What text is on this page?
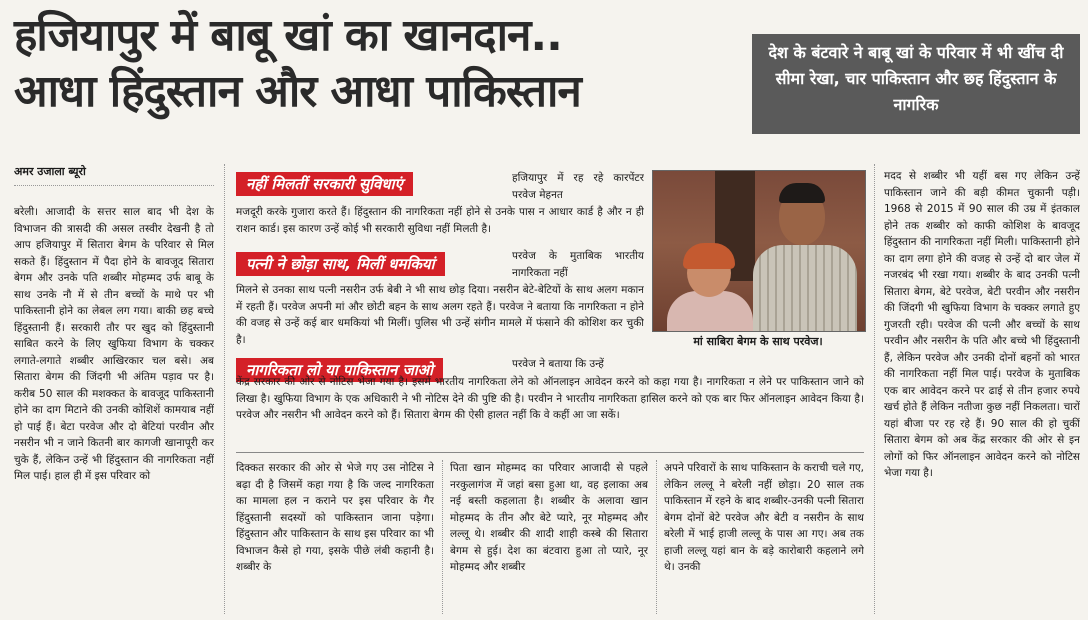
हजियापुर में बाबू खां का खानदान..
आधा हिंदुस्तान और आधा पाकिस्तान
देश के बंटवारे ने बाबू खां के परिवार में भी खींच दी सीमा रेखा, चार पाकिस्तान और छह हिंदुस्तान के नागरिक
अमर उजाला ब्यूरो
बरेली। आजादी के सत्तर साल बाद भी देश के विभाजन की त्रासदी की असल तस्वीर देखनी है तो आप हजियापुर में सितारा बेगम के परिवार से मिल सकते हैं। हिंदुस्तान में पैदा होने के बावजूद सितारा बेगम और उनके पति शब्बीर मोहम्मद उर्फ बाबू के साथ उनके नौ में से तीन बच्चों के माथे पर भी पाकिस्तानी होने का लेबल लग गया। बाकी छह बच्चे हिंदुस्तानी हैं। सरकारी तौर पर खुद को हिंदुस्तानी साबित करने के लिए खुफिया विभाग के चक्कर लगाते-लगाते शब्बीर आखिरकार चल बसे। अब सितारा बेगम की जिंदगी भी अंतिम पड़ाव पर है। करीब 50 साल की मशक्कत के बावजूद पाकिस्तानी होने का दाग मिटाने की उनकी कोशिशें कामयाब नहीं हो पाई हैं। बेटा परवेज और दो बेटियां परवीन और नसरीन भी न जाने कितनी बार कागजी खानापूरी कर चुके हैं, लेकिन उन्हें भी हिंदुस्तान की नागरिकता नहीं मिल पाई। हाल ही में इस परिवार को
नहीं मिलतीं सरकारी सुविधाएं	हजियापुर में रह रहे कारपेंटर परवेज मेहनत
मजदूरी करके गुजारा करते हैं। हिंदुस्तान की नागरिकता नहीं होने से उनके पास न आधार कार्ड है और न ही राशन कार्ड। इस कारण उन्हें कोई भी सरकारी सुविधा नहीं मिलती है।
पत्नी ने छोड़ा साथ, मिलीं धमकियां	परवेज के मुताबिक भारतीय नागरिकता नहीं
मिलने से उनका साथ पत्नी नसरीन उर्फ बेबी ने भी साथ छोड़ दिया। नसरीन बेटे-बेटियों के साथ अलग मकान में रहती हैं। परवेज अपनी मां और छोटी बहन के साथ अलग रहते हैं। परवेज ने बताया कि नागरिकता न होने की वजह से उन्हें कई बार धमकियां भी मिलीं। पुलिस भी उन्हें संगीन मामले में फंसाने की कोशिश कर चुकी है।
नागरिकता लो या पाकिस्तान जाओ	परवेज ने बताया कि उन्हें
केंद्र सरकार की ओर से नोटिस भेजा गया है। इसमें भारतीय नागरिकता लेने को ऑनलाइन आवेदन करने को कहा गया है। नागरिकता न लेने पर पाकिस्तान जाने को लिखा है। खुफिया विभाग के एक अधिकारी ने भी नोटिस देने की पुष्टि की है। परवीन ने भारतीय नागरिकता हासिल करने को एक बार फिर ऑनलाइन आवेदन किया है। परवेज और नसरीन भी आवेदन करने को हैं। सितारा बेगम की ऐसी हालत नहीं कि वे कहीं आ जा सकें।
मां साबिरा बेगम के साथ परवेज।
दिक्कत सरकार की ओर से भेजे गए उस नोटिस ने बढ़ा दी है जिसमें कहा गया है कि जल्द नागरिकता का मामला हल न कराने पर इस परिवार के गैर हिंदुस्तानी सदस्यों को पाकिस्तान जाना पड़ेगा। हिंदुस्तान और पाकिस्तान के साथ इस परिवार का भी विभाजन कैसे हो गया, इसके पीछे लंबी कहानी है। शब्बीर के
पिता खान मोहम्मद का परिवार आजादी से पहले नरकुलागंज में जहां बसा हुआ था, वह इलाका अब नई बस्ती कहलाता है। शब्बीर के अलावा खान मोहम्मद के तीन और बेटे प्यारे, नूर मोहम्मद और लल्लू थे। शब्बीर की शादी शाही कस्बे की सितारा बेगम से हुई। देश का बंटवारा हुआ तो प्यारे, नूर मोहम्मद और शब्बीर
अपने परिवारों के साथ पाकिस्तान के कराची चले गए, लेकिन लल्लू ने बरेली नहीं छोड़ा। 20 साल तक पाकिस्तान में रहने के बाद शब्बीर-उनकी पत्नी सितारा बेगम दोनों बेटे परवेज और बेटी व नसरीन के साथ बरेली में भाई हाजी लल्लू के पास आ गए। अब तक हाजी लल्लू यहां बान के बड़े कारोबारी कहलाने लगे थे। उनकी
मदद से शब्बीर भी यहीं बस गए लेकिन उन्हें पाकिस्तान जाने की बड़ी कीमत चुकानी पड़ी। 1968 से 2015 में 90 साल की उम्र में इंतकाल होने तक शब्बीर को काफी कोशिश के बावजूद हिंदुस्तान की नागरिकता नहीं मिली। पाकिस्तानी होने का दाग लगा होने की वजह से उन्हें दो बार जेल में नजरबंद भी रखा गया। शब्बीर के बाद उनकी पत्नी सितारा बेगम, बेटे परवेज, बेटी परवीन और नसरीन की जिंदगी भी खुफिया विभाग के चक्कर लगाते हुए गुजरती रही। परवेज की पत्नी और बच्चों के साथ परवीन और नसरीन के पति और बच्चे भी हिंदुस्तानी हैं, लेकिन परवेज और उनकी दोनों बहनों को भारत की नागरिकता नहीं मिल पाई। परवेज के मुताबिक एक बार आवेदन करने पर ढाई से तीन हजार रुपये खर्च होते हैं लेकिन नतीजा कुछ नहीं निकलता। चारों यहां बीजा पर रह रहे हैं। 90 साल की हो चुकीं सितारा बेगम को अब केंद्र सरकार की ओर से इन लोगों को फिर ऑनलाइन आवेदन करने को नोटिस भेजा गया है।
